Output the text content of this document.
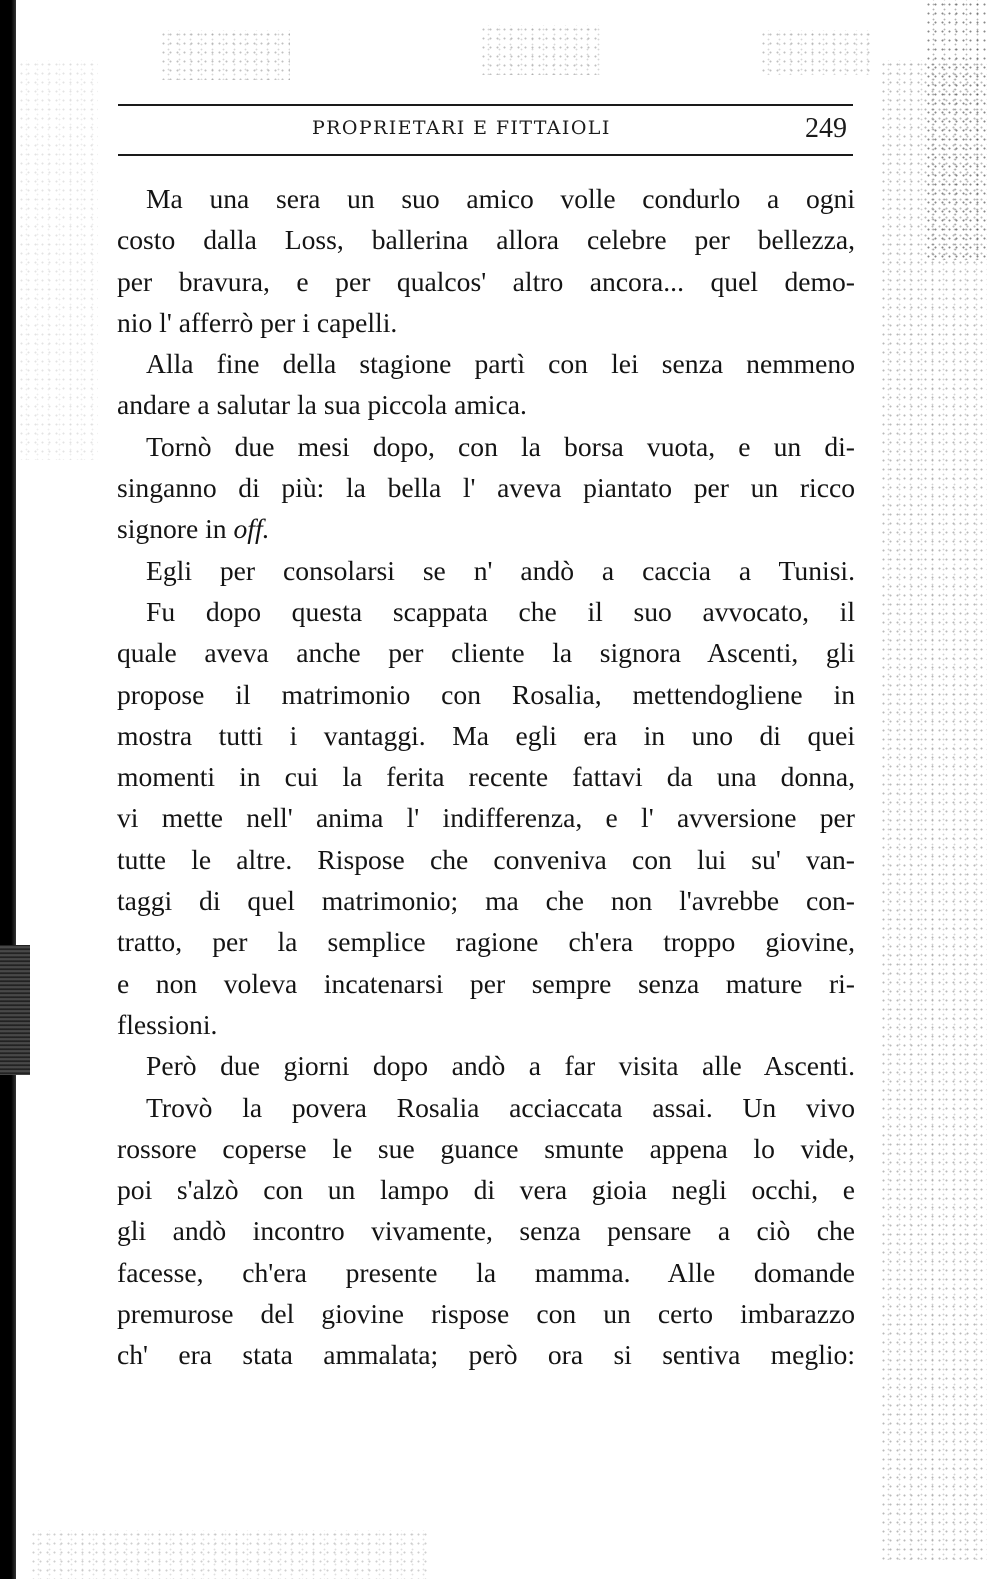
PROPRIETARI E FITTAIOLI	249
Ma una sera un suo amico volle condurlo a ogni
costo dalla Loss, ballerina allora celebre per bellezza,
per bravura, e per qualcos' altro ancora... quel demo-
nio l' afferrò per i capelli.
Alla fine della stagione partì con lei senza nemmeno
andare a salutar la sua piccola amica.
Tornò due mesi dopo, con la borsa vuota, e un di-
singanno di più: la bella l' aveva piantato per un ricco
signore in off.
Egli per consolarsi se n' andò a caccia a Tunisi.
Fu dopo questa scappata che il suo avvocato, il
quale aveva anche per cliente la signora Ascenti, gli
propose il matrimonio con Rosalia, mettendogliene in
mostra tutti i vantaggi. Ma egli era in uno di quei
momenti in cui la ferita recente fattavi da una donna,
vi mette nell' anima l' indifferenza, e l' avversione per
tutte le altre. Rispose che conveniva con lui su' van-
taggi di quel matrimonio; ma che non l'avrebbe con-
tratto, per la semplice ragione ch'era troppo giovine,
e non voleva incatenarsi per sempre senza mature ri-
flessioni.
Però due giorni dopo andò a far visita alle Ascenti.
Trovò la povera Rosalia acciaccata assai. Un vivo
rossore coperse le sue guance smunte appena lo vide,
poi s'alzò con un lampo di vera gioia negli occhi, e
gli andò incontro vivamente, senza pensare a ciò che
facesse, ch'era presente la mamma. Alle domande
premurose del giovine rispose con un certo imbarazzo
ch' era stata ammalata; però ora si sentiva meglio:
